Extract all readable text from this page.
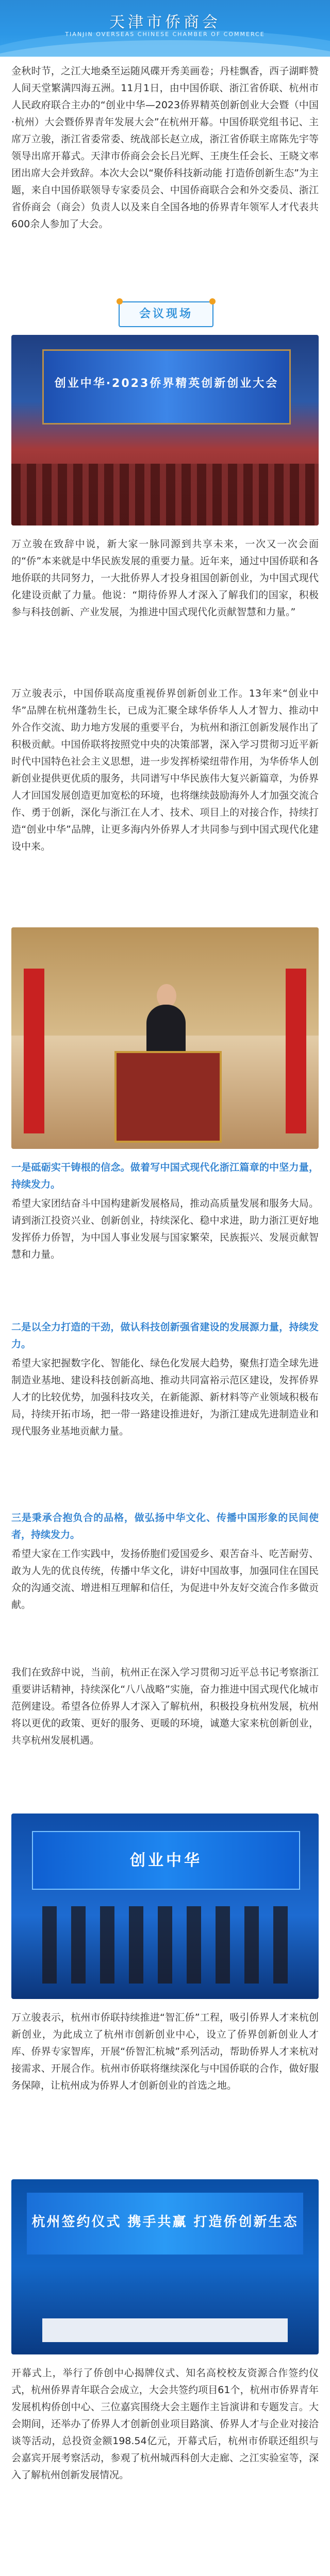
天津市侨商会
TIANJIN OVERSEAS CHINESE CHAMBER OF COMMERCE
金秋时节，之江大地桑至运随风碟开秀美画卷；丹桂飘香，西子湖畔赞人间天堂繁满四海五洲。11月1日，由中国侨联、浙江省侨联、杭州市人民政府联合主办的“创业中华—2023侨界精英创新创业大会暨（中国·杭州）大会暨侨界青年发展大会”在杭州开幕。中国侨联党组书记、主席万立骏，浙江省委常委、统战部长赵立成，浙江省侨联主席陈先宇等领导出席开幕式。天津市侨商会会长吕光辉、王庚生任会长、王晓文率团出席大会并致辞。本次大会以“聚侨科技新动能 打造侨创新生态”为主题，来自中国侨联领导专家委员会、中国侨商联合会和外交委员、浙江省侨商会（商会）负责人以及来自全国各地的侨界青年领军人才代表共600余人参加了大会。
会议现场
创业中华·2023侨界精英创新创业大会
万立骏在致辞中说，新大家一脉同源到共享未来，一次又一次会面的“侨”本来就是中华民族发展的重要力量。近年来，通过中国侨联和各地侨联的共同努力，一大批侨界人才投身祖国创新创业，为中国式现代化建设贡献了力量。他说：“期待侨界人才深入了解我们的国家，积极参与科技创新、产业发展，为推进中国式现代化贡献智慧和力量。”
万立骏表示，中国侨联高度重视侨界创新创业工作。13年来“创业中华”品牌在杭州蓬勃生长，已成为汇聚全球华侨华人人才智力、推动中外合作交流、助力地方发展的重要平台，为杭州和浙江创新发展作出了积极贡献。中国侨联将按照党中央的决策部署，深入学习贯彻习近平新时代中国特色社会主义思想，进一步发挥桥梁纽带作用，为华侨华人创新创业提供更优质的服务，共同谱写中华民族伟大复兴新篇章，为侨界人才回国发展创造更加宽松的环境，也将继续鼓励海外人才加强交流合作、勇于创新，深化与浙江在人才、技术、项目上的对接合作，持续打造“创业中华”品牌，让更多海内外侨界人才共同参与到中国式现代化建设中来。
一是砥砺实干铸根的信念。做着写中国式现代化浙江篇章的中坚力量，持续发力。
希望大家团结奋斗中国构建新发展格局，推动高质量发展和服务大局。请到浙江投资兴业、创新创业，持续深化、稳中求进，助力浙江更好地发挥侨力侨智，为中国人事业发展与国家繁荣，民族振兴、发展贡献智慧和力量。
二是以全力打造的干劲，做认科技创新强省建设的发展源力量，持续发力。
希望大家把握数字化、智能化、绿色化发展大趋势，聚焦打造全球先进制造业基地、建设科技创新高地、推动共同富裕示范区建设，发挥侨界人才的比较优势，加强科技攻关，在新能源、新材料等产业领域积极布局，持续开拓市场，把一带一路建设推进好，为浙江建成先进制造业和现代服务业基地贡献力量。
三是秉承合抱负合的品格，做弘扬中华文化、传播中国形象的民间使者，持续发力。
希望大家在工作实践中，发扬侨胞们爱国爱乡、艰苦奋斗、吃苦耐劳、敢为人先的优良传统，传播中华文化，讲好中国故事，加强同住在国民众的沟通交流、增进相互理解和信任，为促进中外友好交流合作多做贡献。
我们在致辞中说，当前，杭州正在深入学习贯彻习近平总书记考察浙江重要讲话精神，持续深化“八八战略”实施，奋力推进中国式现代化城市范例建设。希望各位侨界人才深入了解杭州，积极投身杭州发展，杭州将以更优的政策、更好的服务、更暖的环境，诚邀大家来杭创新创业，共享杭州发展机遇。
创业中华
万立骏表示，杭州市侨联持续推进“智汇侨”工程，吸引侨界人才来杭创新创业，为此成立了杭州市创新创业中心，设立了侨界创新创业人才库、侨界专家智库，开展“侨智汇杭城”系列活动，帮助侨界人才来杭对接需求、开展合作。杭州市侨联将继续深化与中国侨联的合作，做好服务保障，让杭州成为侨界人才创新创业的首选之地。
杭州签约仪式 携手共赢 打造侨创新生态
开幕式上，举行了侨创中心揭牌仪式、知名高校校友资源合作签约仪式，杭州侨界青年联合会成立，大会共签约项目61个，杭州市侨界青年发展机构侨创中心、三位嘉宾围绕大会主题作主旨演讲和专题发言。大会期间，还举办了侨界人才创新创业项目路演、侨界人才与企业对接洽谈等活动，总投资金额198.54亿元，开幕式后，杭州市侨联还组织与会嘉宾开展考察活动，参观了杭州城西科创大走廊、之江实验室等，深入了解杭州创新发展情况。
